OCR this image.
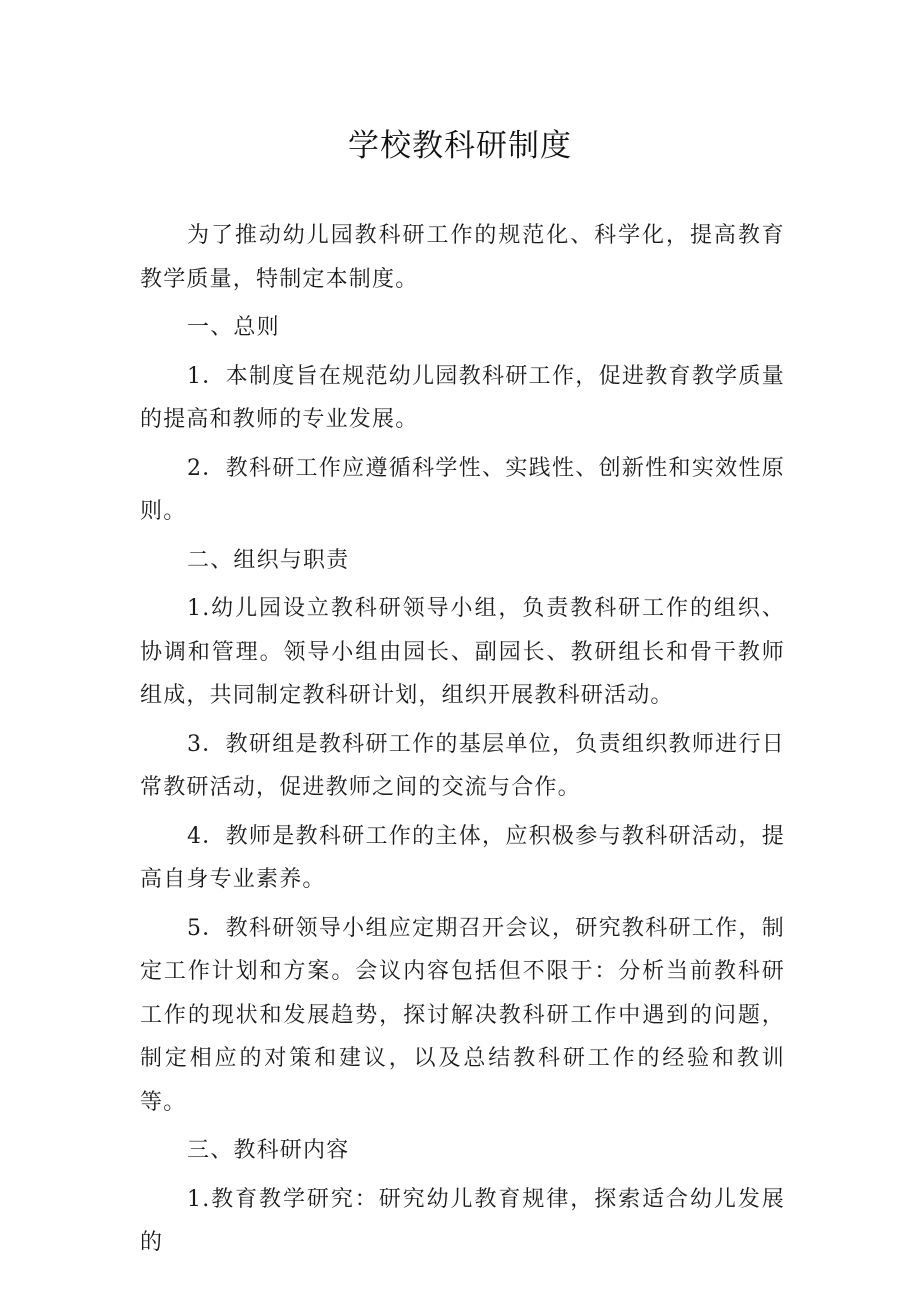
学校教科研制度

为了推动幼儿园教科研工作的规范化、科学化，提高教育教学质量，特制定本制度。

一、总则

1．本制度旨在规范幼儿园教科研工作，促进教育教学质量的提高和教师的专业发展。

2．教科研工作应遵循科学性、实践性、创新性和实效性原则。

二、组织与职责

1.幼儿园设立教科研领导小组，负责教科研工作的组织、协调和管理。领导小组由园长、副园长、教研组长和骨干教师组成，共同制定教科研计划，组织开展教科研活动。

3．教研组是教科研工作的基层单位，负责组织教师进行日常教研活动，促进教师之间的交流与合作。

4．教师是教科研工作的主体，应积极参与教科研活动，提高自身专业素养。

5．教科研领导小组应定期召开会议，研究教科研工作，制定工作计划和方案。会议内容包括但不限于：分析当前教科研工作的现状和发展趋势，探讨解决教科研工作中遇到的问题，制定相应的对策和建议，以及总结教科研工作的经验和教训等。

三、教科研内容

1.教育教学研究：研究幼儿教育规律，探索适合幼儿发展的
